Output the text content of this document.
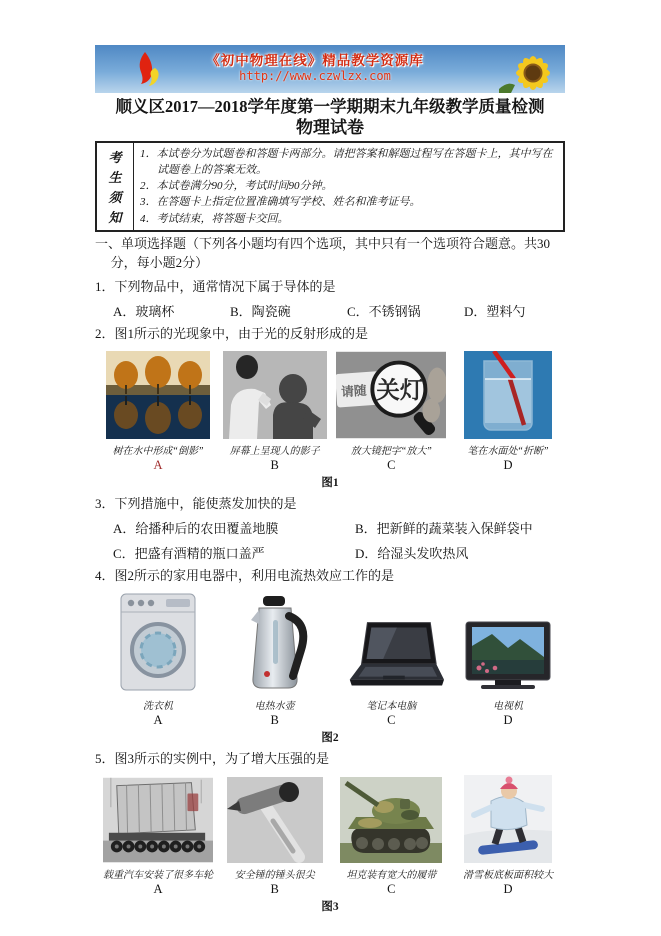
《初中物理在线》精品教学资源库
http://www.czwlzx.com
顺义区2017—2018学年度第一学期期末九年级教学质量检测
物理试卷
考
生
须
知
1．本试卷分为试题卷和答题卡两部分。请把答案和解题过程写在答题卡上，其中写在试题卷上的答案无效。
2．本试卷满分90分，考试时间90分钟。
3．在答题卡上指定位置准确填写学校、姓名和准考证号。
4．考试结束，将答题卡交回。
一、单项选择题（下列各小题均有四个选项，其中只有一个选项符合题意。共30分，每小题2分）
1．下列物品中，通常情况下属于导体的是
A．玻璃杯	B．陶瓷碗	C．不锈钢锅	D．塑料勺
2．图1所示的光现象中，由于光的反射形成的是
树在水中形成“倒影”
A
屏幕上呈现人的影子
B
请随 关灯
放大镜把字“放大”
C
笔在水面处“折断”
D
图1
3．下列措施中，能使蒸发加快的是
A．给播种后的农田覆盖地膜	B．把新鲜的蔬菜装入保鲜袋中
C．把盛有酒精的瓶口盖严	D．给湿头发吹热风
4．图2所示的家用电器中，利用电流热效应工作的是
洗衣机
A
电热水壶
B
笔记本电脑
C
电视机
D
图2
5．图3所示的实例中，为了增大压强的是
载重汽车安装了很多车轮
A
安全锤的锤头很尖
B
坦克装有宽大的履带
C
滑雪板底板面积较大
D
图3
